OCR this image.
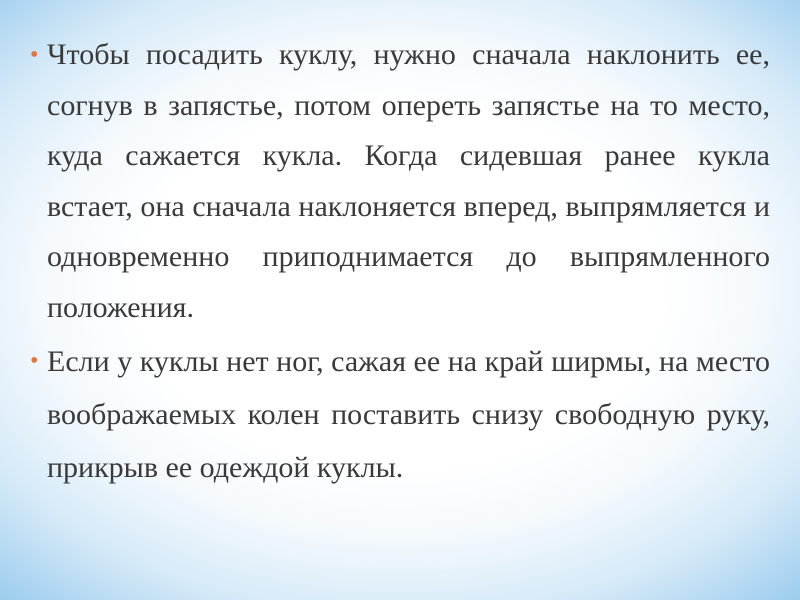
• Чтобы посадить куклу, нужно сначала наклонить ее, согнув в запястье, потом опереть запястье на то место, куда сажается кукла. Когда сидевшая ранее кукла встает, она сначала наклоняется вперед, выпрямляется и одновременно приподнимается до выпрямленного положения.
• Если у куклы нет ног, сажая ее на край ширмы, на место воображаемых колен поставить снизу свободную руку, прикрыв ее одеждой куклы.
